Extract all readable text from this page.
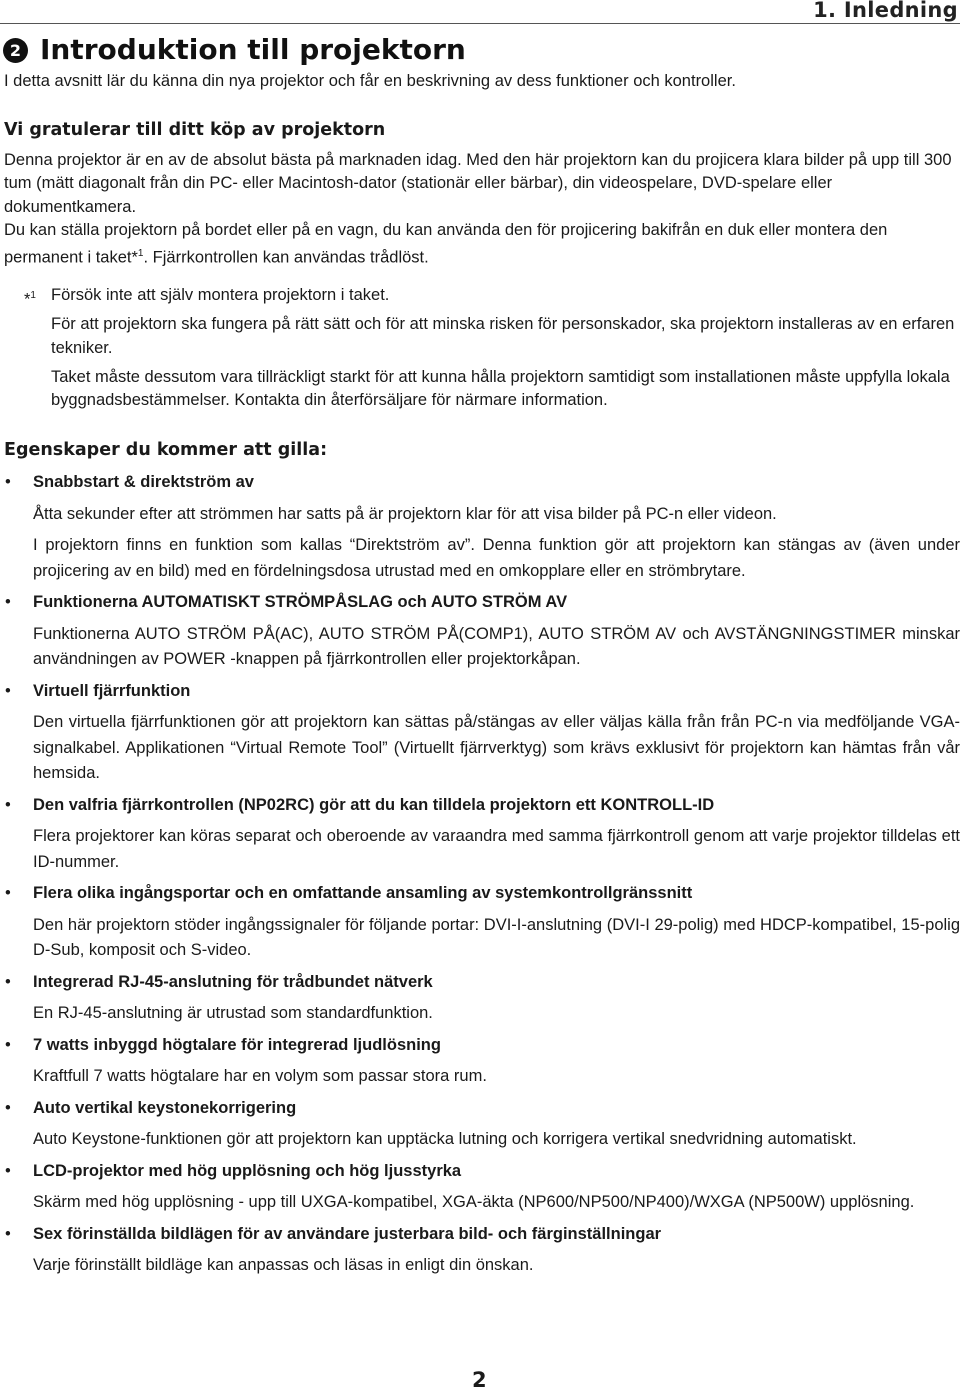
1. Inledning
2 Introduktion till projektorn

I detta avsnitt lär du känna din nya projektor och får en beskrivning av dess funktioner och kontroller.

Vi gratulerar till ditt köp av projektorn

Denna projektor är en av de absolut bästa på marknaden idag. Med den här projektorn kan du projicera klara bilder på upp till 300 tum (mätt diagonalt från din PC- eller Macintosh-dator (stationär eller bärbar), din videospelare, DVD-spelare eller dokumentkamera.

Du kan ställa projektorn på bordet eller på en vagn, du kan använda den för projicering bakifrån en duk eller montera den permanent i taket*$^1$. Fjärrkontrollen kan användas trådlöst.

*$^1$ Försök inte att själv montera projektorn i taket.

För att projektorn ska fungera på rätt sätt och för att minska risken för personskador, ska projektorn installeras av en erfaren tekniker.

Taket måste dessutom vara tillräckligt starkt för att kunna hålla projektorn samtidigt som installationen måste uppfylla lokala byggnadsbestämmelser. Kontakta din återförsäljare för närmare information.

Egenskaper du kommer att gilla:
• Snabbstart & direktström av

Åtta sekunder efter att strömmen har satts på är projektorn klar för att visa bilder på PC-n eller videon.

I projektorn finns en funktion som kallas “Direktström av”. Denna funktion gör att projektorn kan stängas av (även under projicering av en bild) med en fördelningsdosa utrustad med en omkopplare eller en strömbrytare.

• Funktionerna AUTOMATISKT STRÖMPÅSLAG och AUTO STRÖM AV

Funktionerna AUTO STRÖM PÅ(AC), AUTO STRÖM PÅ(COMP1), AUTO STRÖM AV och AVSTÄNGNINGSTIMER minskar användningen av POWER -knappen på fjärrkontrollen eller projektorkåpan.

• Virtuell fjärrfunktion

Den virtuella fjärrfunktionen gör att projektorn kan sättas på/stängas av eller väljas källa från från PC-n via medföljande VGA-signalkabel. Applikationen “Virtual Remote Tool” (Virtuellt fjärrverktyg) som krävs exklusivt för projektorn kan hämtas från vår hemsida.

• Den valfria fjärrkontrollen (NP02RC) gör att du kan tilldela projektorn ett KONTROLL-ID

Flera projektorer kan köras separat och oberoende av varaandra med samma fjärrkontroll genom att varje projektor tilldelas ett ID-nummer.

• Flera olika ingångsportar och en omfattande ansamling av systemkontrollgränssnitt

Den här projektorn stöder ingångssignaler för följande portar: DVI-I-anslutning (DVI-I 29-polig) med HDCP-kompatibel, 15-polig D-Sub, komposit och S-video.

• Integrerad RJ-45-anslutning för trådbundet nätverk

En RJ-45-anslutning är utrustad som standardfunktion.

• 7 watts inbyggd högtalare för integrerad ljudlösning

Kraftfull 7 watts högtalare har en volym som passar stora rum.

• Auto vertikal keystonekorrigering

Auto Keystone-funktionen gör att projektorn kan upptäcka lutning och korrigera vertikal snedvridning automatiskt.

• LCD-projektor med hög upplösning och hög ljusstyrka

Skärm med hög upplösning - upp till UXGA-kompatibel, XGA-äkta (NP600/NP500/NP400)/WXGA (NP500W) upplösning.

• Sex förinställda bildlägen för av användare justerbara bild- och färginställningar

Varje förinställt bildläge kan anpassas och läsas in enligt din önskan.

2
